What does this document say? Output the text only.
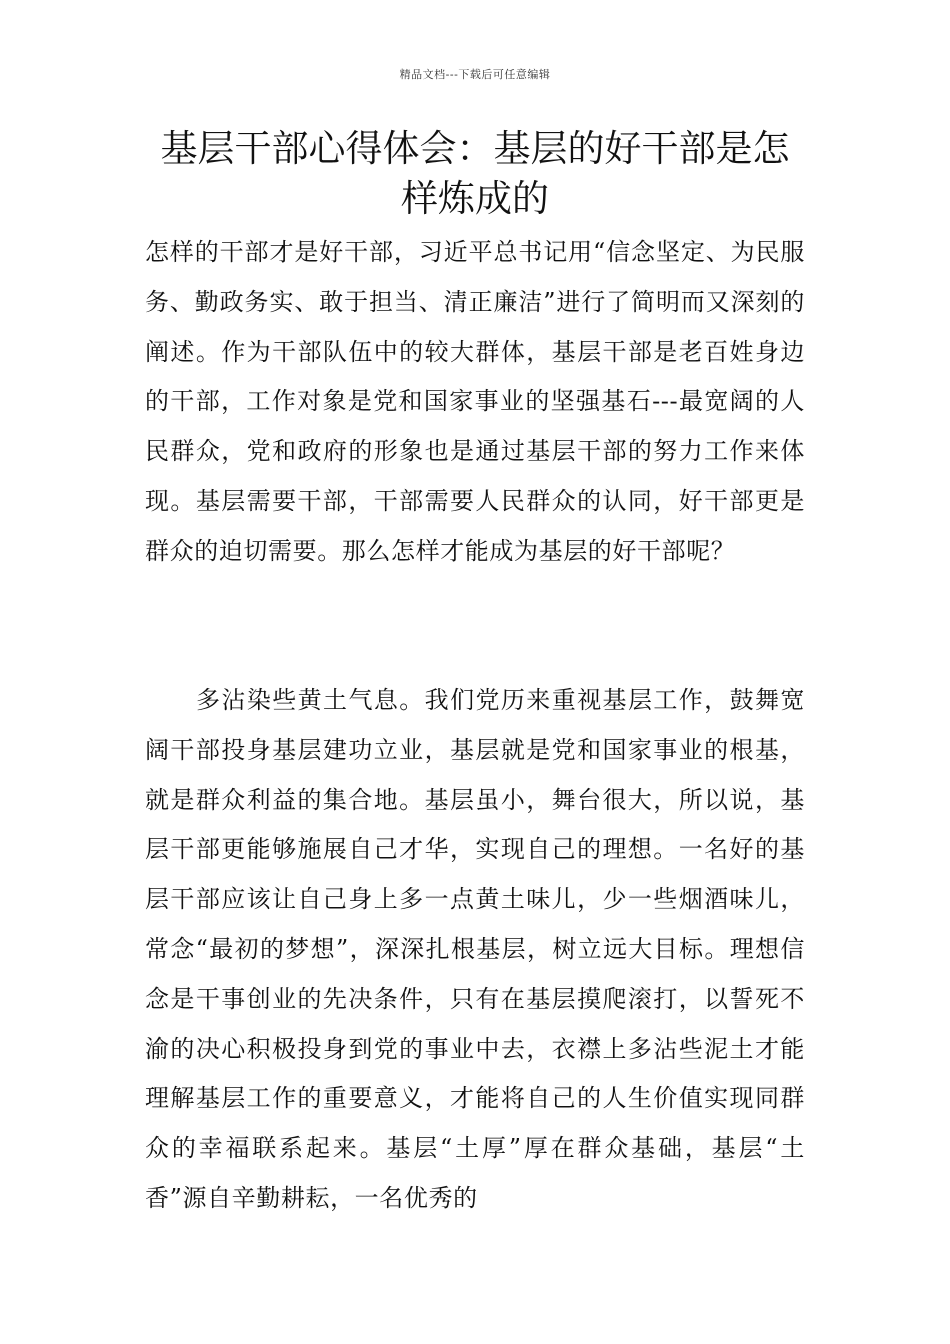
精品文档---下载后可任意编辑
基层干部心得体会：基层的好干部是怎样炼成的

怎样的干部才是好干部，习近平总书记用“信念坚定、为民服务、勤政务实、敢于担当、清正廉洁”进行了简明而又深刻的阐述。作为干部队伍中的较大群体，基层干部是老百姓身边的干部，工作对象是党和国家事业的坚强基石---最宽阔的人民群众，党和政府的形象也是通过基层干部的努力工作来体现。基层需要干部，干部需要人民群众的认同，好干部更是群众的迫切需要。那么怎样才能成为基层的好干部呢？

多沾染些黄土气息。我们党历来重视基层工作，鼓舞宽阔干部投身基层建功立业，基层就是党和国家事业的根基，就是群众利益的集合地。基层虽小，舞台很大，所以说，基层干部更能够施展自己才华，实现自己的理想。一名好的基层干部应该让自己身上多一点黄土味儿，少一些烟酒味儿，常念“最初的梦想”，深深扎根基层，树立远大目标。理想信念是干事创业的先决条件，只有在基层摸爬滚打，以誓死不渝的决心积极投身到党的事业中去，衣襟上多沾些泥土才能理解基层工作的重要意义，才能将自己的人生价值实现同群众的幸福联系起来。基层“土厚”厚在群众基础，基层“土香”源自辛勤耕耘，一名优秀的
